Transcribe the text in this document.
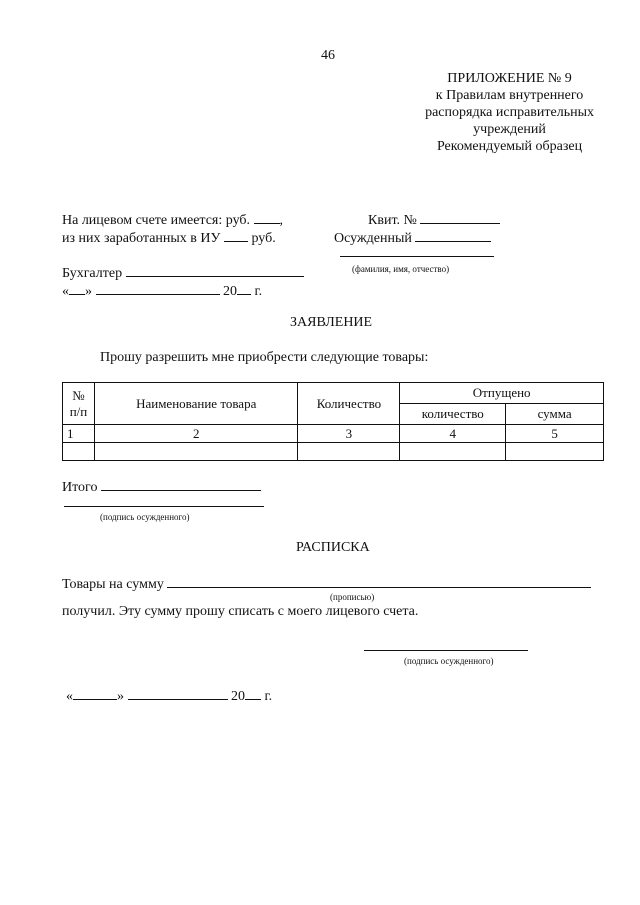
46
ПРИЛОЖЕНИЕ № 9
к Правилам внутреннего
распорядка исправительных
учреждений
Рекомендуемый образец
На лицевом счете имеется: руб. ,
из них заработанных в ИУ руб.
Квит. №
Осужденный
(фамилия, имя, отчество)
Бухгалтер
« »	20 г.
ЗАЯВЛЕНИЕ
Прошу разрешить мне приобрести следующие товары:
№
п/п	Наименование товара	Количество	Отпущено	
			количество	сумма
1	2	3	4	5

Итого
(подпись осужденного)
РАСПИСКА
Товары на сумму
(прописью)
получил. Эту сумму прошу списать с моего лицевого счета.
(подпись осужденного)
«	»	20 г.
